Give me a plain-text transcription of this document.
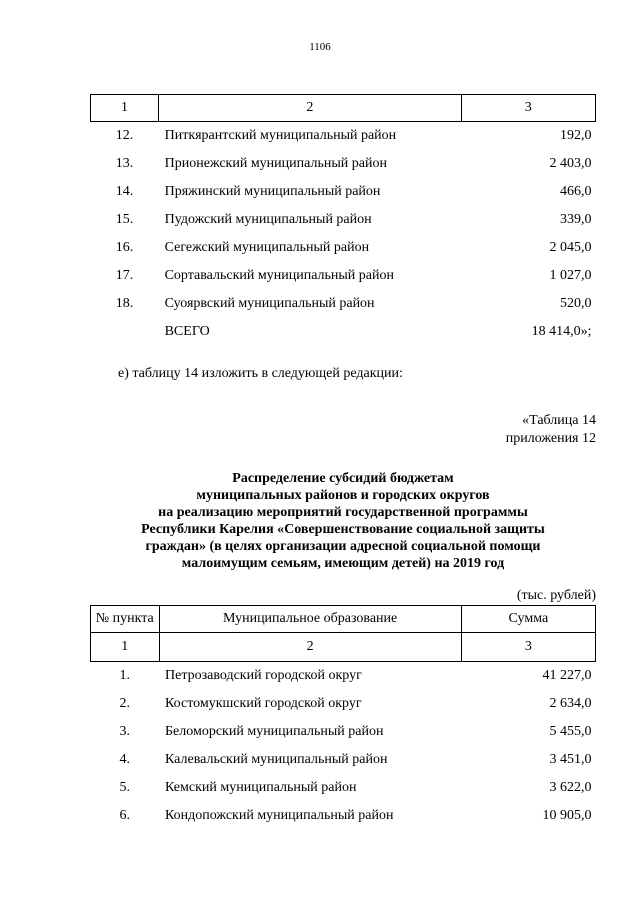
1106
1	2	3
12.	Питкярантский муниципальный район	192,0
13.	Прионежский муниципальный район	2 403,0
14.	Пряжинский муниципальный район	466,0
15.	Пудожский муниципальный район	339,0
16.	Сегежский муниципальный район	2 045,0
17.	Сортавальский муниципальный район	1 027,0
18.	Суоярвский муниципальный район	520,0
	ВСЕГО	18 414,0»;
е) таблицу 14 изложить в следующей редакции:
«Таблица 14
приложения 12
Распределение субсидий бюджетам
муниципальных районов и городских округов
на реализацию мероприятий государственной программы
Республики Карелия «Совершенствование социальной защиты
граждан» (в целях организации адресной социальной помощи
малоимущим семьям, имеющим детей) на 2019 год
(тыс. рублей)
№ пункта	Муниципальное образование	Сумма
1	2	3
1.	Петрозаводский городской округ	41 227,0
2.	Костомукшский городской округ	2 634,0
3.	Беломорский муниципальный район	5 455,0
4.	Калевальский муниципальный район	3 451,0
5.	Кемский муниципальный район	3 622,0
6.	Кондопожский муниципальный район	10 905,0
